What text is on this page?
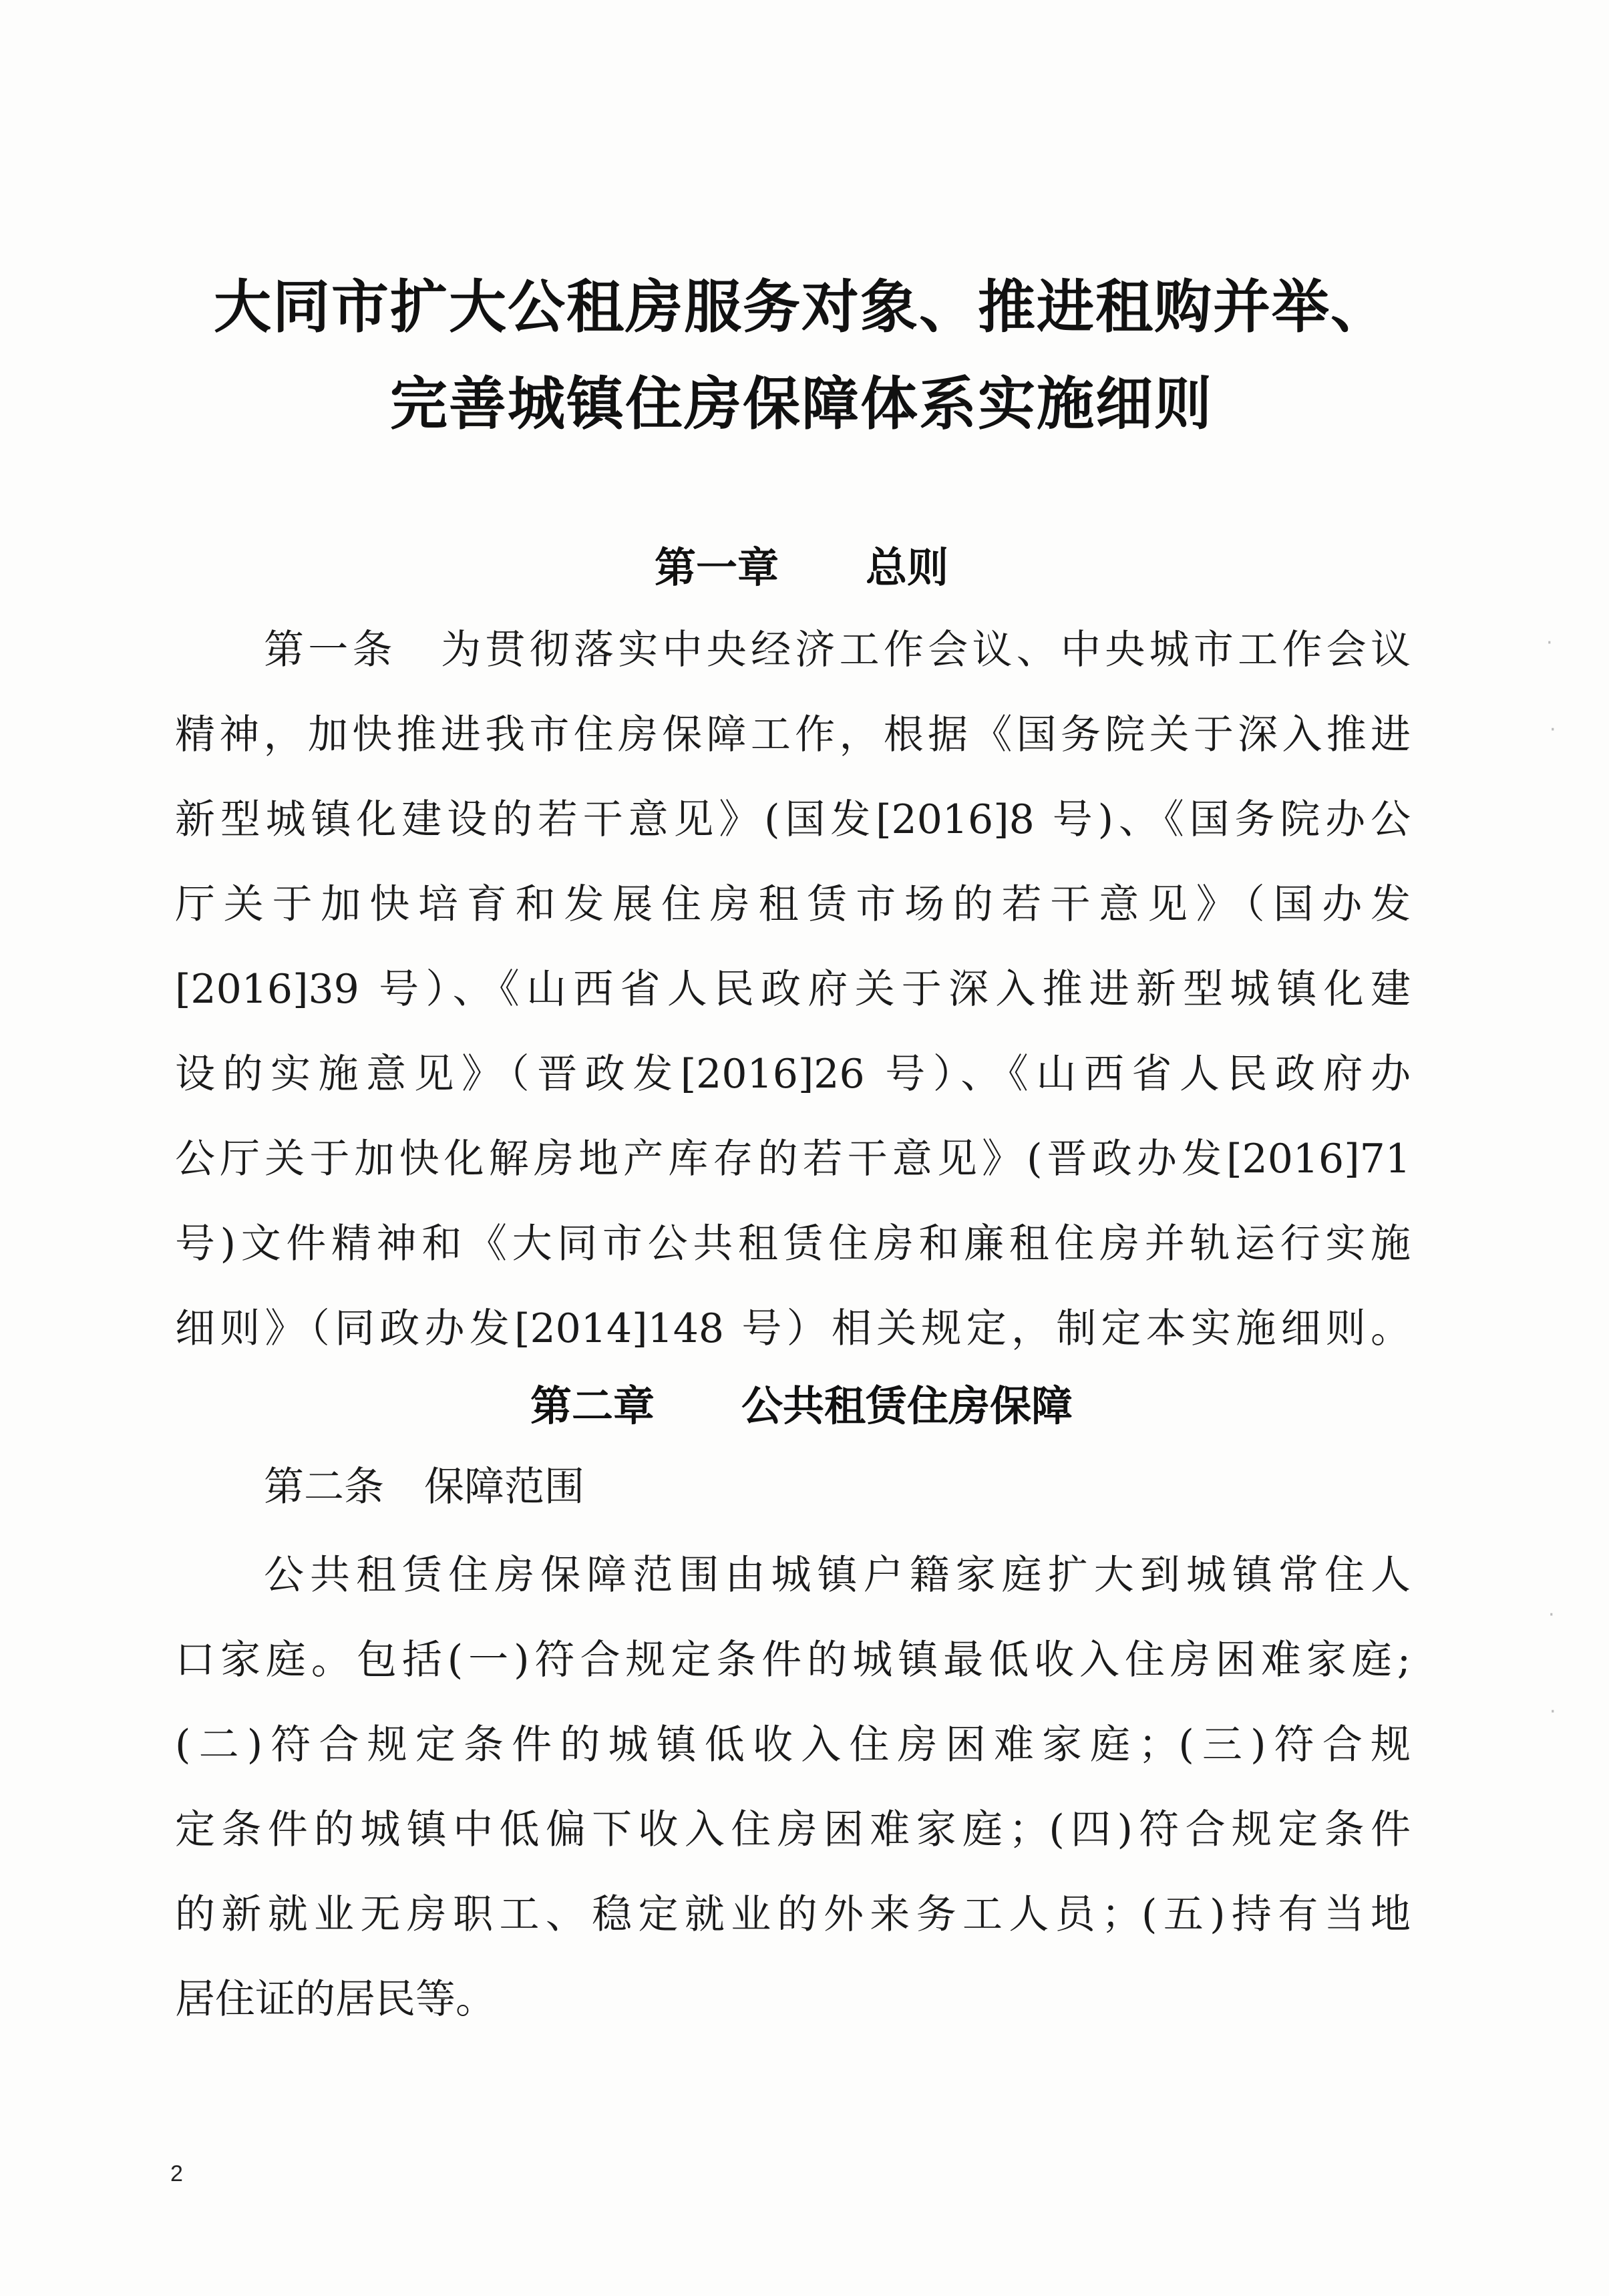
大同市扩大公租房服务对象、推进租购并举、
完善城镇住房保障体系实施细则
第一章 总则

第一条　为贯彻落实中央经济工作会议、中央城市工作会议

精神，加快推进我市住房保障工作，根据《国务院关于深入推进

新型城镇化建设的若干意见》(国发[2016]8 号)、《国务院办公

厅关于加快培育和发展住房租赁市场的若干意见》（国办发

[2016]39 号）、《山西省人民政府关于深入推进新型城镇化建

设的实施意见》（晋政发[2016]26 号）、《山西省人民政府办

公厅关于加快化解房地产库存的若干意见》(晋政办发[2016]71

号)文件精神和《大同市公共租赁住房和廉租住房并轨运行实施

细则》（同政办发[2014]148 号）相关规定，制定本实施细则。

第二章 公共租赁住房保障

第二条　保障范围

公共租赁住房保障范围由城镇户籍家庭扩大到城镇常住人

口家庭。包括(一)符合规定条件的城镇最低收入住房困难家庭;

(二)符合规定条件的城镇低收入住房困难家庭；(三)符合规

定条件的城镇中低偏下收入住房困难家庭；(四)符合规定条件

的新就业无房职工、稳定就业的外来务工人员；(五)持有当地

居住证的居民等。

2
·
·
·
·
